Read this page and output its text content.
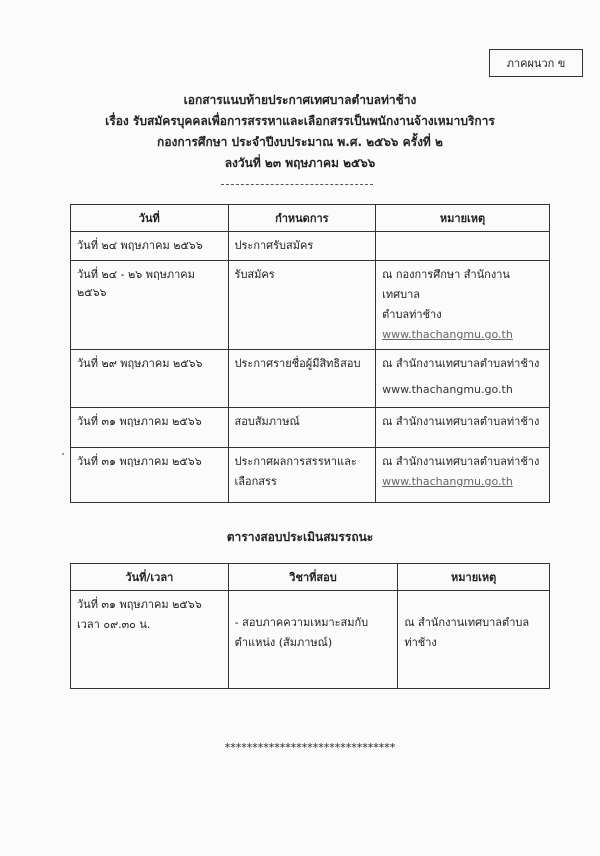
ภาคผนวก ข
เอกสารแนบท้ายประกาศเทศบาลตำบลท่าช้าง
เรื่อง รับสมัครบุคคลเพื่อการสรรหาและเลือกสรรเป็นพนักงานจ้างเหมาบริการ
กองการศึกษา ประจำปีงบประมาณ พ.ศ. ๒๕๖๖ ครั้งที่ ๒
ลงวันที่ ๒๓ พฤษภาคม ๒๕๖๖
วันที่	กำหนดการ	หมายเหตุ
วันที่ ๒๔ พฤษภาคม ๒๕๖๖	ประกาศรับสมัคร	

วันที่ ๒๔ - ๒๖ พฤษภาคม ๒๕๖๖	รับสมัคร	ณ กองการศึกษา สำนักงานเทศบาล
ตำบลท่าช้าง
www.thachangmu.go.th

วันที่ ๒๙ พฤษภาคม ๒๕๖๖	ประกาศรายชื่อผู้มีสิทธิสอบ	ณ สำนักงานเทศบาลตำบลท่าช้าง
www.thachangmu.go.th

วันที่ ๓๑ พฤษภาคม ๒๕๖๖	สอบสัมภาษณ์	ณ สำนักงานเทศบาลตำบลท่าช้าง

วันที่ ๓๑ พฤษภาคม ๒๕๖๖	ประกาศผลการสรรหาและ
เลือกสรร	ณ สำนักงานเทศบาลตำบลท่าช้าง
www.thachangmu.go.th
ตารางสอบประเมินสมรรถนะ
วันที่/เวลา	วิชาที่สอบ	หมายเหตุ

วันที่ ๓๑ พฤษภาคม ๒๕๖๖
เวลา ๐๙.๓๐ น.	- สอบภาคความเหมาะสมกับ
ตำแหน่ง (สัมภาษณ์)	ณ สำนักงานเทศบาลตำบลท่าช้าง
*******************************
